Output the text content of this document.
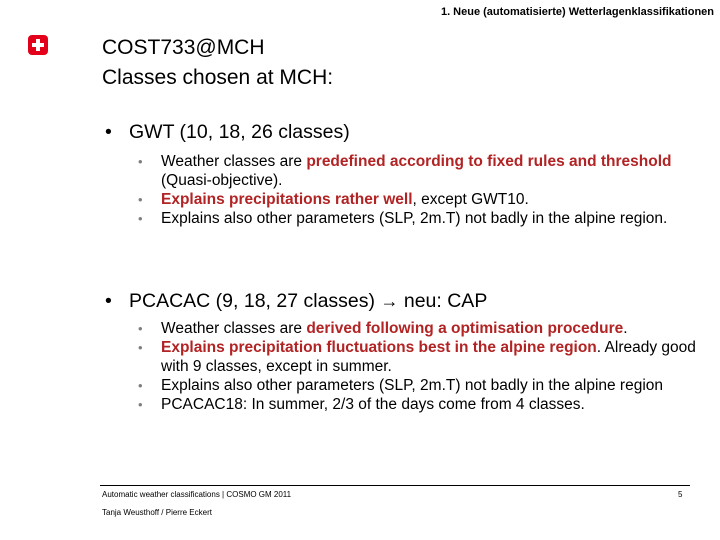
1. Neue (automatisierte) Wetterlagenklassifikationen
COST733@MCH
Classes chosen at MCH:
• GWT (10, 18, 26 classes)
• Weather classes are predefined according to fixed rules and threshold (Quasi-objective).
• Explains precipitations rather well, except GWT10.
• Explains also other parameters (SLP, 2m.T) not badly in the alpine region.
• PCACAC (9, 18, 27 classes) → neu: CAP
• Weather classes are derived following a optimisation procedure.
• Explains precipitation fluctuations best in the alpine region. Already good with 9 classes, except in summer.
• Explains also other parameters (SLP, 2m.T) not badly in the alpine region
• PCACAC18: In summer, 2/3 of the days come from 4 classes.
Automatic weather classifications | COSMO GM 2011
Tanja Weusthoff / Pierre Eckert
5
